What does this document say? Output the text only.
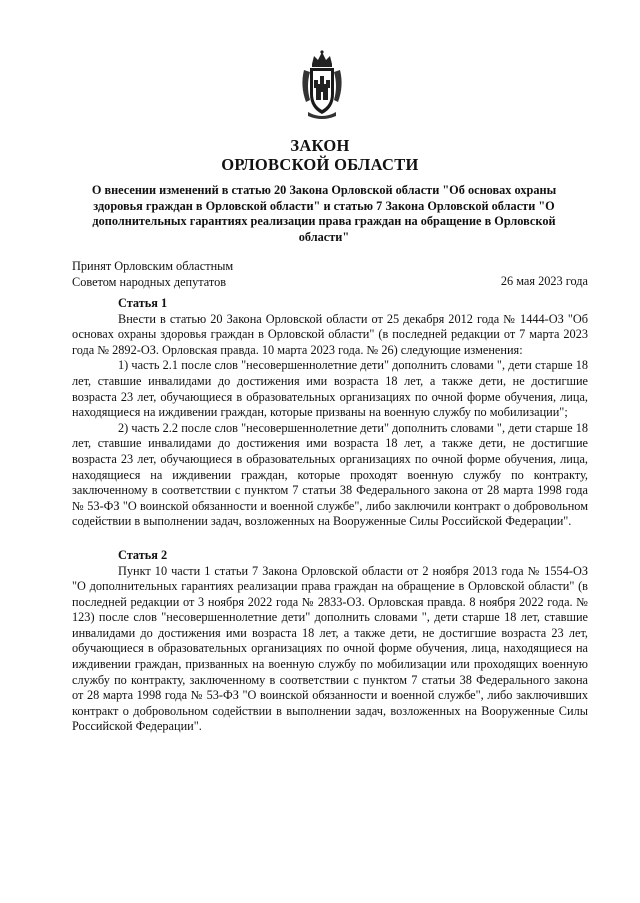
ЗАКОН
ОРЛОВСКОЙ ОБЛАСТИ
О внесении изменений в статью 20 Закона Орловской области "Об основах охраны здоровья граждан в Орловской области" и статью 7 Закона Орловской области "О дополнительных гарантиях реализации права граждан на обращение в Орловской области"
Принят Орловским областным
Советом народных депутатов	26 мая 2023 года
Статья 1

Внести в статью 20 Закона Орловской области от 25 декабря 2012 года № 1444-ОЗ "Об основах охраны здоровья граждан в Орловской области" (в последней редакции от 7 марта 2023 года № 2892-ОЗ. Орловская правда. 10 марта 2023 года. № 26) следующие изменения:

1) часть 2.1 после слов "несовершеннолетние дети" дополнить словами ", дети старше 18 лет, ставшие инвалидами до достижения ими возраста 18 лет, а также дети, не достигшие возраста 23 лет, обучающиеся в образовательных организациях по очной форме обучения, лица, находящиеся на иждивении граждан, которые призваны на военную службу по мобилизации";

2) часть 2.2 после слов "несовершеннолетние дети" дополнить словами ", дети старше 18 лет, ставшие инвалидами до достижения ими возраста 18 лет, а также дети, не достигшие возраста 23 лет, обучающиеся в образовательных организациях по очной форме обучения, лица, находящиеся на иждивении граждан, которые проходят военную службу по контракту, заключенному в соответствии с пунктом 7 статьи 38 Федерального закона от 28 марта 1998 года № 53-ФЗ "О воинской обязанности и военной службе", либо заключили контракт о добровольном содействии в выполнении задач, возложенных на Вооруженные Силы Российской Федерации".

Статья 2

Пункт 10 части 1 статьи 7 Закона Орловской области от 2 ноября 2013 года № 1554-ОЗ "О дополнительных гарантиях реализации права граждан на обращение в Орловской области" (в последней редакции от 3 ноября 2022 года № 2833-ОЗ. Орловская правда. 8 ноября 2022 года. № 123) после слов "несовершеннолетние дети" дополнить словами ", дети старше 18 лет, ставшие инвалидами до достижения ими возраста 18 лет, а также дети, не достигшие возраста 23 лет, обучающиеся в образовательных организациях по очной форме обучения, лица, находящиеся на иждивении граждан, призванных на военную службу по мобилизации или проходящих военную службу по контракту, заключенному в соответствии с пунктом 7 статьи 38 Федерального закона от 28 марта 1998 года № 53-ФЗ "О воинской обязанности и военной службе", либо заключивших контракт о добровольном содействии в выполнении задач, возложенных на Вооруженные Силы Российской Федерации".
